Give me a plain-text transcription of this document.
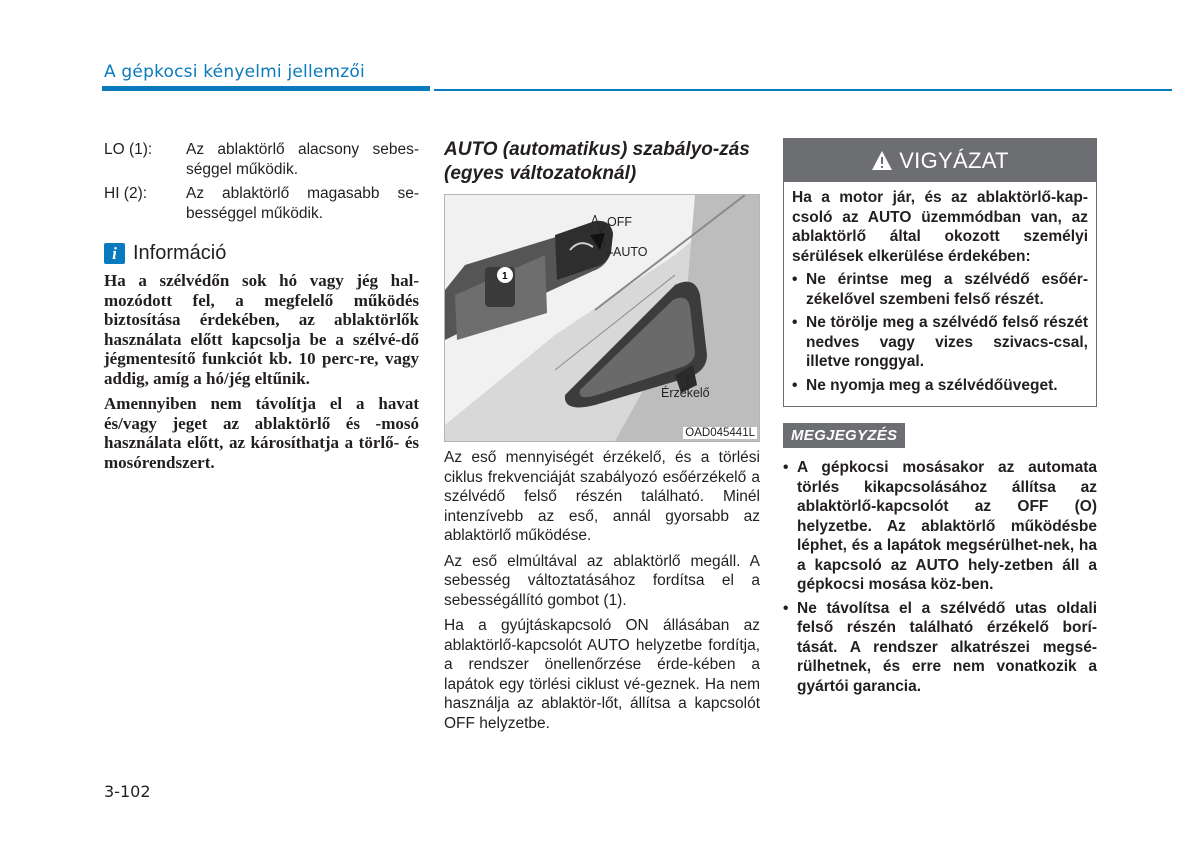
A gépkocsi kényelmi jellemzői
LO (1):	Az ablaktörlő alacsony sebes-séggel működik.
HI (2):	Az ablaktörlő magasabb se-bességgel működik.
i Információ

Ha a szélvédőn sok hó vagy jég hal-mozódott fel, a megfelelő működés biztosítása érdekében, az ablaktörlők használata előtt kapcsolja be a szélvé-dő jégmentesítő funkciót kb. 10 perc-re, vagy addig, amíg a hó/jég eltűnik.

Amennyiben nem távolítja el a havat és/vagy jeget az ablaktörlő és -mosó használata előtt, az károsíthatja a törlő- és mosórendszert.

AUTO (automatikus) szabályo-zás (egyes változatoknál)
1
OFF
AUTO
Érzékelő
OAD045441L

Az eső mennyiségét érzékelő, és a törlési ciklus frekvenciáját szabályozó esőérzékelő a szélvédő felső részén található. Minél intenzívebb az eső, annál gyorsabb az ablaktörlő működése.

Az eső elmúltával az ablaktörlő megáll. A sebesség változtatásához fordítsa el a sebességállító gombot (1).

Ha a gyújtáskapcsoló ON állásában az ablaktörlő-kapcsolót AUTO helyzetbe fordítja, a rendszer önellenőrzése érde-kében a lapátok egy törlési ciklust vé-geznek. Ha nem használja az ablaktör-lőt, állítsa a kapcsolót OFF helyzetbe.

VIGYÁZAT

Ha a motor jár, és az ablaktörlő-kap-csoló az AUTO üzemmódban van, az ablaktörlő által okozott személyi sérülések elkerülése érdekében:

• Ne érintse meg a szélvédő esőér-zékelővel szembeni felső részét.
• Ne törölje meg a szélvédő felső részét nedves vagy vizes szivacs-csal, illetve ronggyal.
• Ne nyomja meg a szélvédőüveget.
MEGJEGYZÉS
• A gépkocsi mosásakor az automata törlés kikapcsolásához állítsa az ablaktörlő-kapcsolót az OFF (O) helyzetbe. Az ablaktörlő működésbe léphet, és a lapátok megsérülhet-nek, ha a kapcsoló az AUTO hely-zetben áll a gépkocsi mosása köz-ben.
• Ne távolítsa el a szélvédő utas oldali felső részén található érzékelő borí-tását. A rendszer alkatrészei megsé-rülhetnek, és erre nem vonatkozik a gyártói garancia.
3-102
